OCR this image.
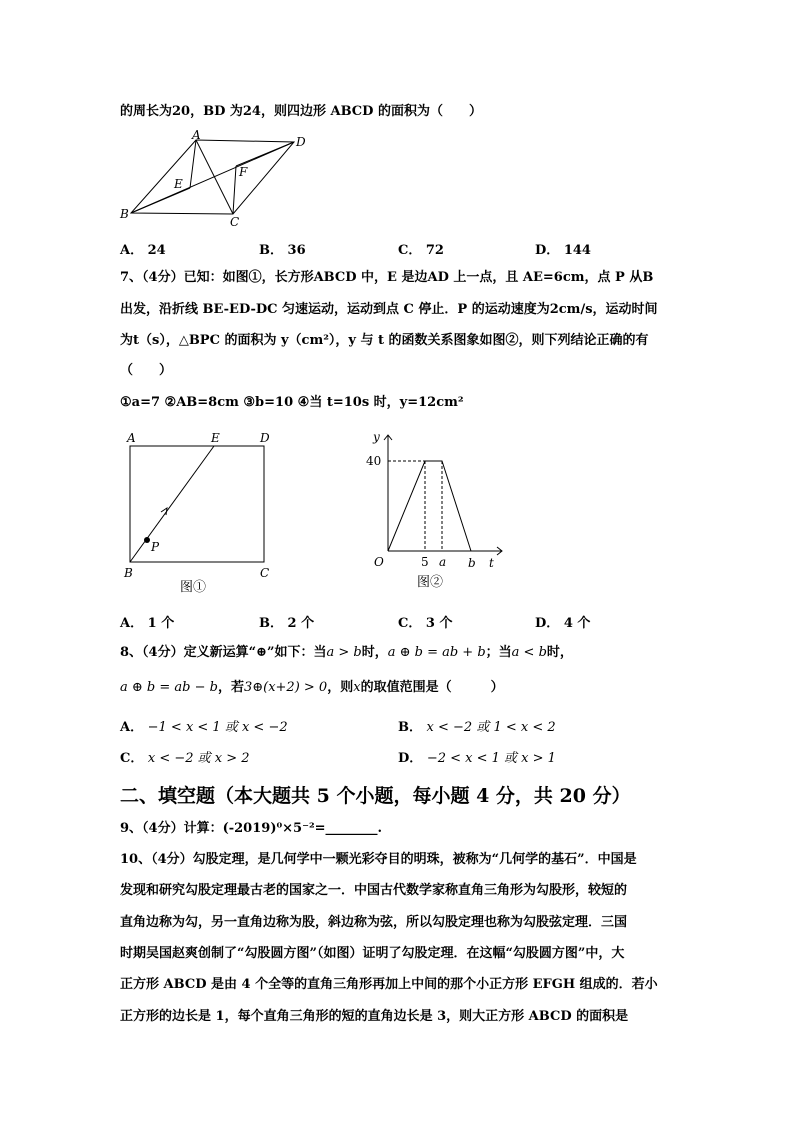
的周长为20，BD 为24，则四边形 ABCD 的面积为（　　）
A	D
E
F
B
C
A． 24	B． 36	C． 72	D． 144
7、（4分）已知：如图①，长方形ABCD 中，E 是边AD 上一点，且 AE=6cm，点 P 从B
出发，沿折线 BE-ED-DC 匀速运动，运动到点 C 停止．P 的运动速度为2cm/s，运动时间
为t（s），△BPC 的面积为 y（cm²），y 与 t 的函数关系图象如图②，则下列结论正确的有
（　　）
①a=7 ②AB=8cm ③b=10 ④当 t=10s 时，y=12cm²
A	E	D
P
B	C
图①
y
40
O	5 a b t
图②
A． 1 个	B． 2 个	C． 3 个	D． 4 个
8、（4分）定义新运算“⊕”如下：当a > b时，a ⊕ b = ab + b；当a < b时，
a ⊕ b = ab − b，若3⊕(x+2) > 0，则x的取值范围是（　　　）
A． −1 < x < 1 或 x < −2	B． x < −2 或 1 < x < 2
C． x < −2 或 x > 2	D． −2 < x < 1 或 x > 1
二、填空题（本大题共 5 个小题，每小题 4 分，共 20 分）
9、（4分）计算：(-2019)⁰×5⁻²=________.
10、（4分）勾股定理，是几何学中一颗光彩夺目的明珠，被称为“几何学的基石”．中国是
发现和研究勾股定理最古老的国家之一．中国古代数学家称直角三角形为勾股形，较短的
直角边称为勾，另一直角边称为股，斜边称为弦，所以勾股定理也称为勾股弦定理．三国
时期吴国赵爽创制了“勾股圆方图”（如图）证明了勾股定理．在这幅“勾股圆方图”中，大
正方形 ABCD 是由 4 个全等的直角三角形再加上中间的那个小正方形 EFGH 组成的．若小
正方形的边长是 1，每个直角三角形的短的直角边长是 3，则大正方形 ABCD 的面积是
